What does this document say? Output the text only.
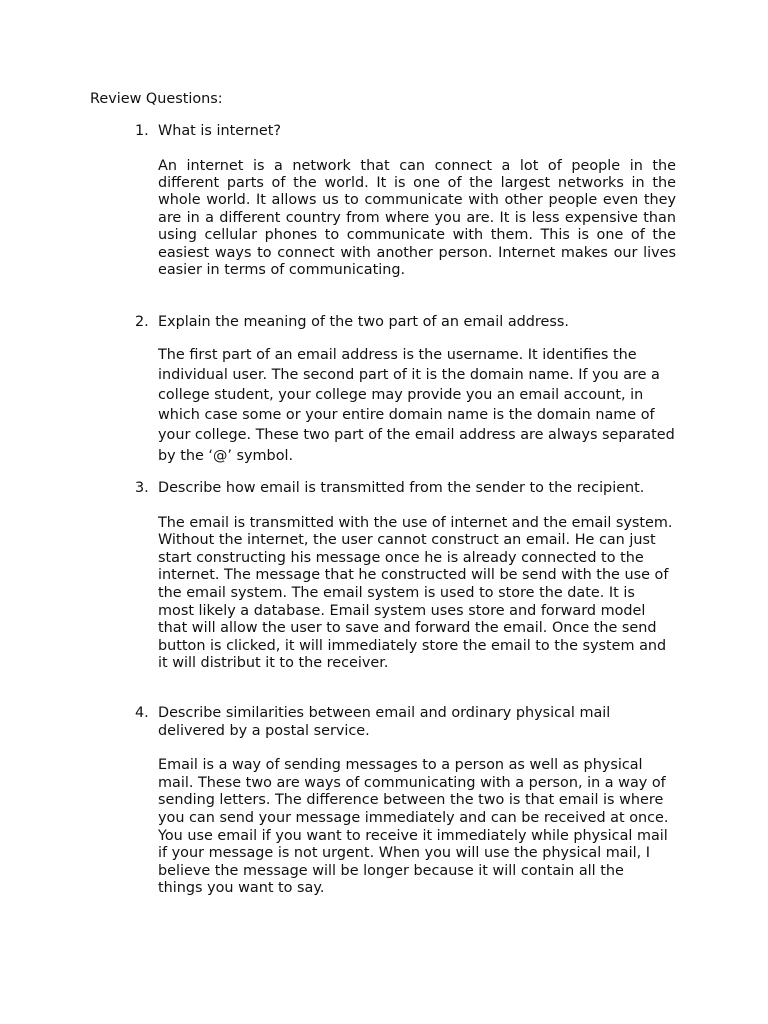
Review Questions:
1. What is internet?

An internet is a network that can connect a lot of people in the different parts of the world. It is one of the largest networks in the whole world. It allows us to communicate with other people even they are in a different country from where you are. It is less expensive than using cellular phones to communicate with them. This is one of the easiest ways to connect with another person. Internet makes our lives easier in terms of communicating.

2. Explain the meaning of the two part of an email address.

The first part of an email address is the username. It identifies the individual user. The second part of it is the domain name. If you are a college student, your college may provide you an email account, in which case some or your entire domain name is the domain name of your college. These two part of the email address are always separated by the ‘@’ symbol.

3. Describe how email is transmitted from the sender to the recipient.

The email is transmitted with the use of internet and the email system. Without the internet, the user cannot construct an email. He can just start constructing his message once he is already connected to the internet. The message that he constructed will be send with the use of the email system. The email system is used to store the date. It is most likely a database. Email system uses store and forward model that will allow the user to save and forward the email. Once the send button is clicked, it will immediately store the email to the system and it will distribut it to the receiver.

4. Describe similarities between email and ordinary physical mail delivered by a postal service.

Email is a way of sending messages to a person as well as physical mail. These two are ways of communicating with a person, in a way of sending letters. The difference between the two is that email is where you can send your message immediately and can be received at once. You use email if you want to receive it immediately while physical mail if your message is not urgent. When you will use the physical mail, I believe the message will be longer because it will contain all the things you want to say.
